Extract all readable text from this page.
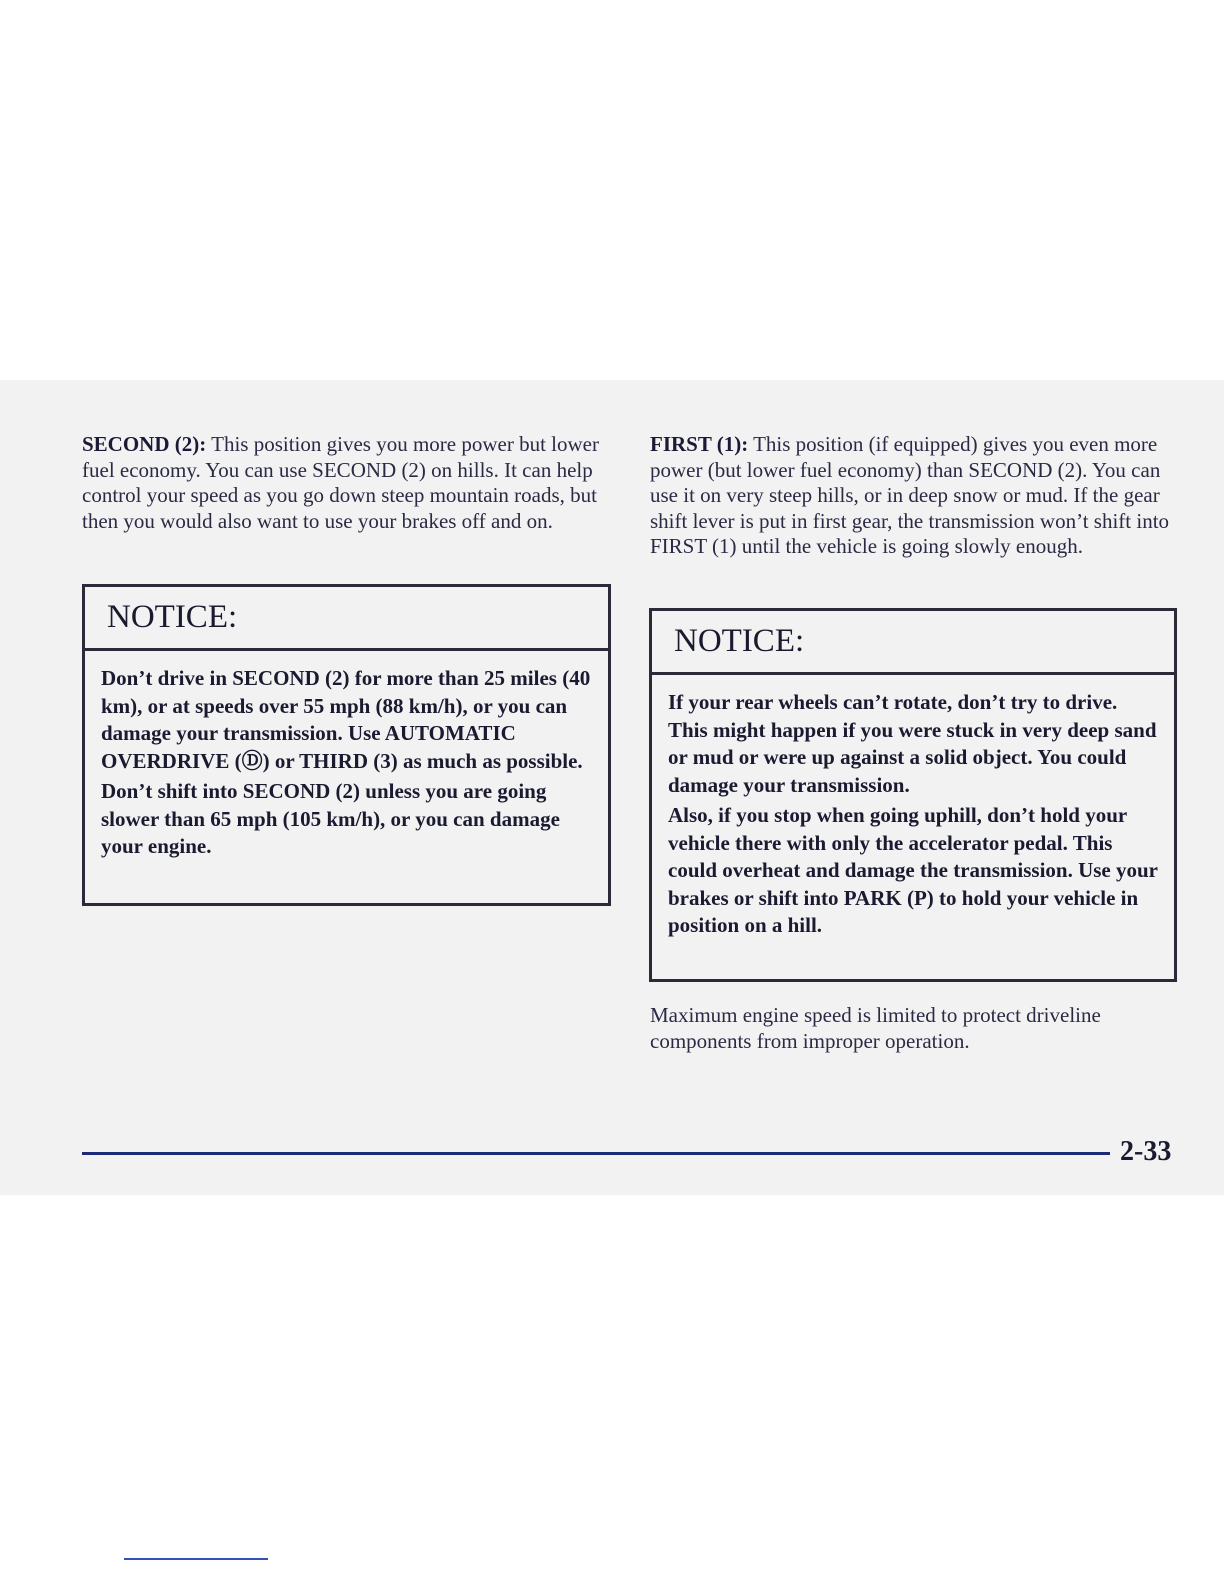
SECOND (2): This position gives you more power but lower fuel economy. You can use SECOND (2) on hills. It can help control your speed as you go down steep mountain roads, but then you would also want to use your brakes off and on.

NOTICE:

Don’t drive in SECOND (2) for more than 25 miles (40 km), or at speeds over 55 mph (88 km/h), or you can damage your transmission. Use AUTOMATIC OVERDRIVE (Ⓓ) or THIRD (3) as much as possible.

Don’t shift into SECOND (2) unless you are going slower than 65 mph (105 km/h), or you can damage your engine.

FIRST (1): This position (if equipped) gives you even more power (but lower fuel economy) than SECOND (2). You can use it on very steep hills, or in deep snow or mud. If the gear shift lever is put in first gear, the transmission won’t shift into FIRST (1) until the vehicle is going slowly enough.

NOTICE:

If your rear wheels can’t rotate, don’t try to drive. This might happen if you were stuck in very deep sand or mud or were up against a solid object. You could damage your transmission.

Also, if you stop when going uphill, don’t hold your vehicle there with only the accelerator pedal. This could overheat and damage the transmission. Use your brakes or shift into PARK (P) to hold your vehicle in position on a hill.

Maximum engine speed is limited to protect driveline components from improper operation.

2-33
